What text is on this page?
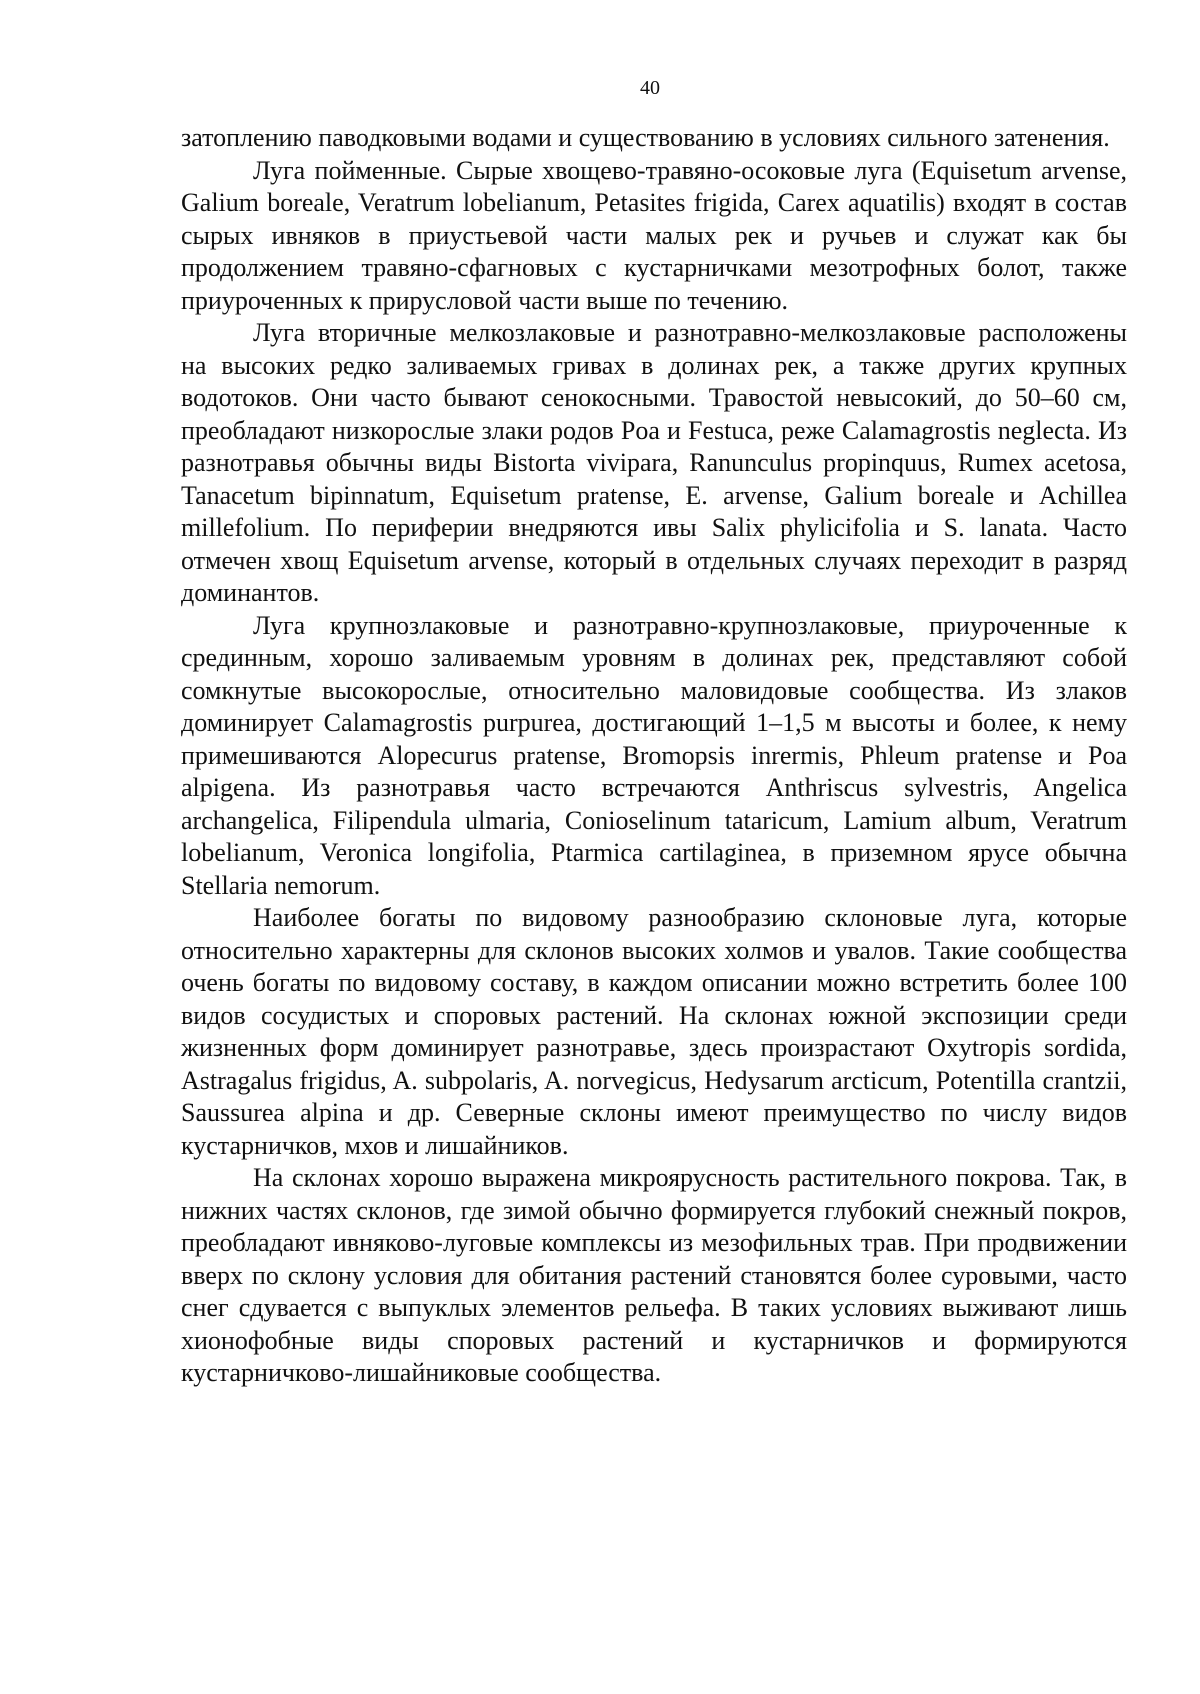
40

затоплению паводковыми водами и существованию в условиях сильного затенения.

Луга пойменные. Сырые хвощево-травяно-осоковые луга (Equisetum arvense, Galium boreale, Veratrum lobelianum, Petasites frigida, Carex aquatilis) входят в состав сырых ивняков в приустьевой части малых рек и ручьев и служат как бы продолжением травяно-сфагновых с кустарничками мезотрофных болот, также приуроченных к прирусловой части выше по течению.

Луга вторичные мелкозлаковые и разнотравно-мелкозлаковые расположены на высоких редко заливаемых гривах в долинах рек, а также других крупных водотоков. Они часто бывают сенокосными. Травостой невысокий, до 50–60 см, преобладают низкорослые злаки родов Poa и Festuca, реже Calamagrostis neglecta. Из разнотравья обычны виды Bistorta vivipara, Ranunculus propinquus, Rumex acetosa, Tanacetum bipinnatum, Equisetum pratense, E. arvense, Galium boreale и Achillea millefolium. По периферии внедряются ивы Salix phylicifolia и S. lanata. Часто отмечен хвощ Equisetum arvense, который в отдельных случаях переходит в разряд доминантов.

Луга крупнозлаковые и разнотравно-крупнозлаковые, приуроченные к срединным, хорошо заливаемым уровням в долинах рек, представляют собой сомкнутые высокорослые, относительно маловидовые сообщества. Из злаков доминирует Calamagrostis purpurea, достигающий 1–1,5 м высоты и более, к нему примешиваются Alopecurus pratense, Bromopsis inrermis, Phleum pratense и Poa alpigena. Из разнотравья часто встречаются Anthriscus sylvestris, Angelica archangelica, Filipendula ulmaria, Conioselinum tataricum, Lamium album, Veratrum lobelianum, Veronica longifolia, Ptarmica cartilaginea, в приземном ярусе обычна Stellaria nemorum.

Наиболее богаты по видовому разнообразию склоновые луга, которые относительно характерны для склонов высоких холмов и увалов. Такие сообщества очень богаты по видовому составу, в каждом описании можно встретить более 100 видов сосудистых и споровых растений. На склонах южной экспозиции среди жизненных форм доминирует разнотравье, здесь произрастают Oxytropis sordida, Astragalus frigidus, A. subpolaris, A. norvegicus, Hedysarum arcticum, Potentilla crantzii, Saussurea alpina и др. Северные склоны имеют преимущество по числу видов кустарничков, мхов и лишайников.

На склонах хорошо выражена микроярусность растительного покрова. Так, в нижних частях склонов, где зимой обычно формируется глубокий снежный покров, преобладают ивняково-луговые комплексы из мезофильных трав. При продвижении вверх по склону условия для обитания растений становятся более суровыми, часто снег сдувается с выпуклых элементов рельефа. В таких условиях выживают лишь хионофобные виды споровых растений и кустарничков и формируются кустарничково-лишайниковые сообщества.
